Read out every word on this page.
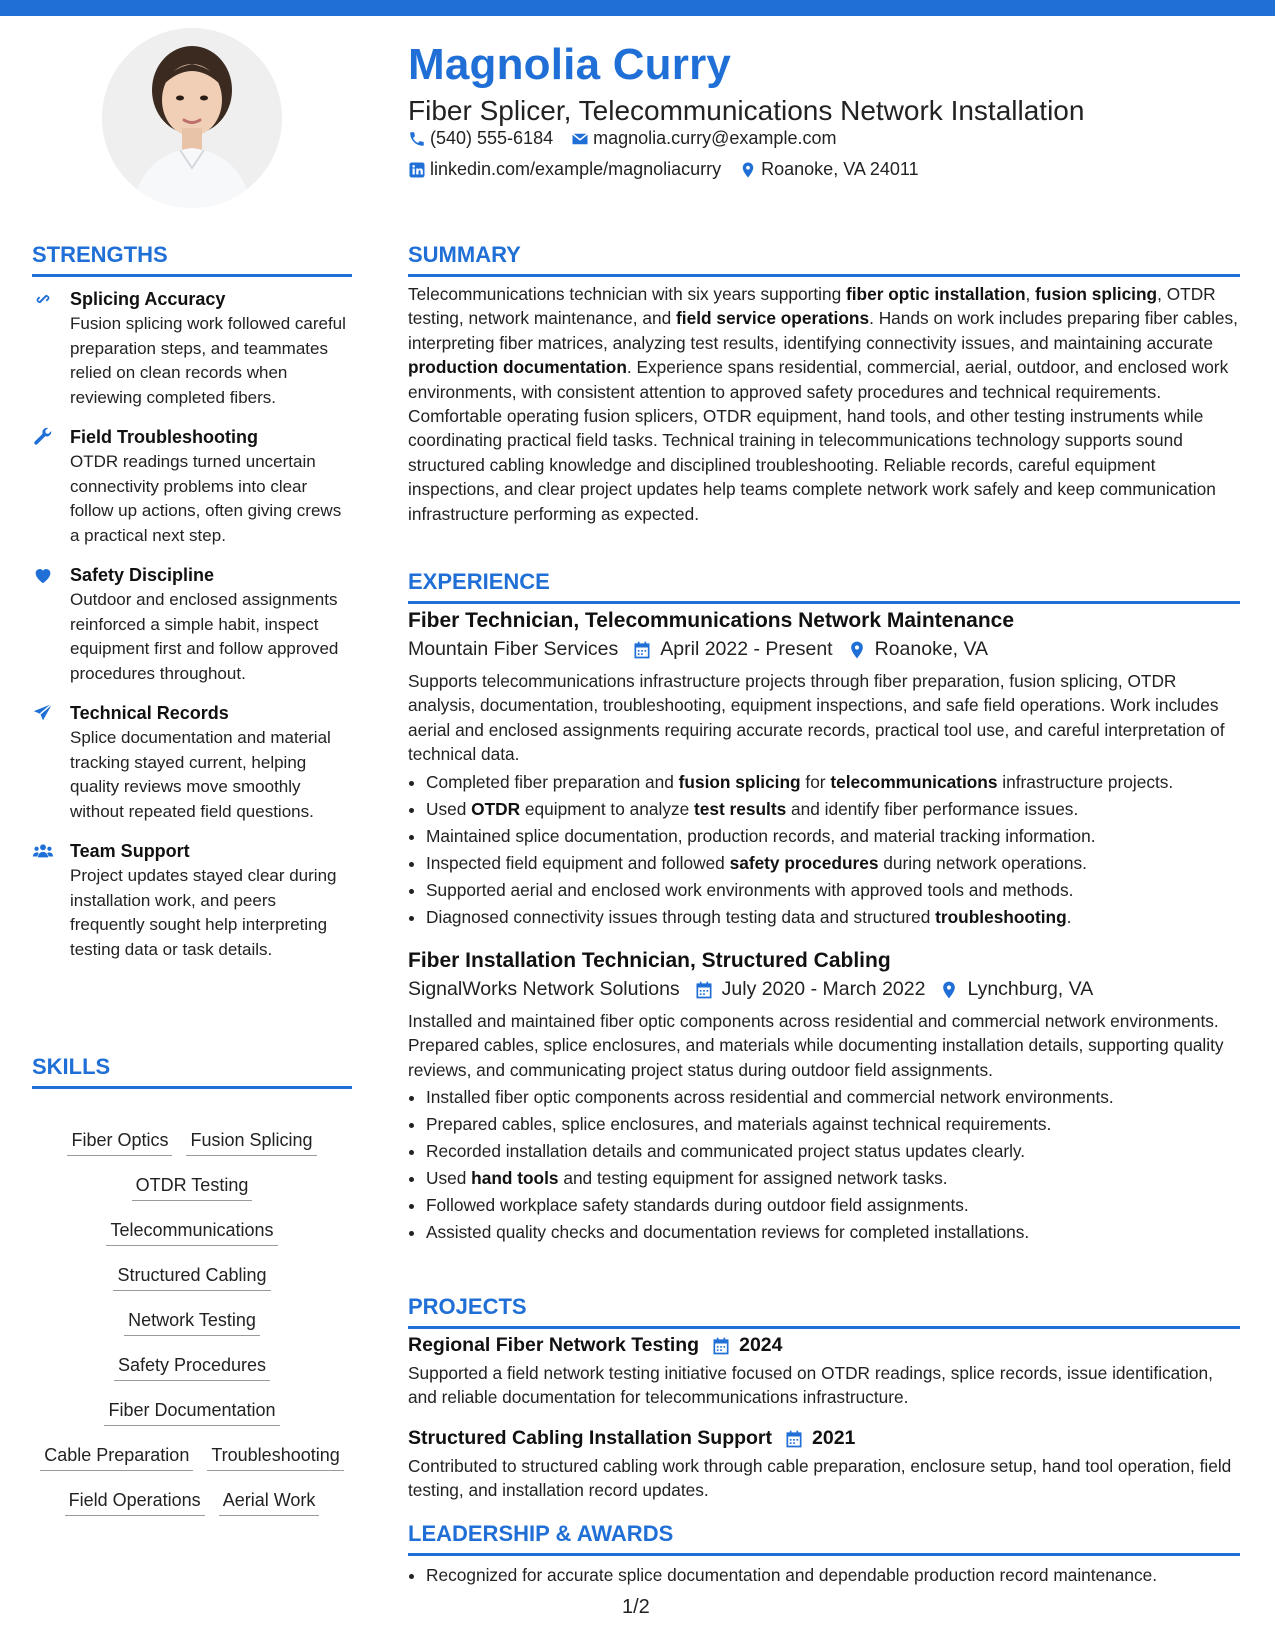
Magnolia Curry
Fiber Splicer, Telecommunications Network Installation
(540) 555-6184 magnolia.curry@example.com
linkedin.com/example/magnoliacurry Roanoke, VA 24011
STRENGTHS
Splicing Accuracy
Fusion splicing work followed careful preparation steps, and teammates relied on clean records when reviewing completed fibers.
Field Troubleshooting
OTDR readings turned uncertain connectivity problems into clear follow up actions, often giving crews a practical next step.
Safety Discipline
Outdoor and enclosed assignments reinforced a simple habit, inspect equipment first and follow approved procedures throughout.
Technical Records
Splice documentation and material tracking stayed current, helping quality reviews move smoothly without repeated field questions.
Team Support
Project updates stayed clear during installation work, and peers frequently sought help interpreting testing data or task details.
SKILLS
Fiber Optics Fusion Splicing
OTDR Testing
Telecommunications
Structured Cabling
Network Testing
Safety Procedures
Fiber Documentation
Cable Preparation Troubleshooting
Field Operations Aerial Work
SUMMARY

Telecommunications technician with six years supporting fiber optic installation, fusion splicing, OTDR testing, network maintenance, and field service operations. Hands on work includes preparing fiber cables, interpreting fiber matrices, analyzing test results, identifying connectivity issues, and maintaining accurate production documentation. Experience spans residential, commercial, aerial, outdoor, and enclosed work environments, with consistent attention to approved safety procedures and technical requirements. Comfortable operating fusion splicers, OTDR equipment, hand tools, and other testing instruments while coordinating practical field tasks. Technical training in telecommunications technology supports sound structured cabling knowledge and disciplined troubleshooting. Reliable records, careful equipment inspections, and clear project updates help teams complete network work safely and keep communication infrastructure performing as expected.

EXPERIENCE
Fiber Technician, Telecommunications Network Maintenance
Mountain Fiber Services April 2022 - Present Roanoke, VA

Supports telecommunications infrastructure projects through fiber preparation, fusion splicing, OTDR analysis, documentation, troubleshooting, equipment inspections, and safe field operations. Work includes aerial and enclosed assignments requiring accurate records, practical tool use, and careful interpretation of technical data.

• Completed fiber preparation and fusion splicing for telecommunications infrastructure projects.
• Used OTDR equipment to analyze test results and identify fiber performance issues.
• Maintained splice documentation, production records, and material tracking information.
• Inspected field equipment and followed safety procedures during network operations.
• Supported aerial and enclosed work environments with approved tools and methods.
• Diagnosed connectivity issues through testing data and structured troubleshooting.
Fiber Installation Technician, Structured Cabling
SignalWorks Network Solutions July 2020 - March 2022 Lynchburg, VA

Installed and maintained fiber optic components across residential and commercial network environments. Prepared cables, splice enclosures, and materials while documenting installation details, supporting quality reviews, and communicating project status during outdoor field assignments.

• Installed fiber optic components across residential and commercial network environments.
• Prepared cables, splice enclosures, and materials against technical requirements.
• Recorded installation details and communicated project status updates clearly.
• Used hand tools and testing equipment for assigned network tasks.
• Followed workplace safety standards during outdoor field assignments.
• Assisted quality checks and documentation reviews for completed installations.
PROJECTS
Regional Fiber Network Testing 2024

Supported a field network testing initiative focused on OTDR readings, splice records, issue identification, and reliable documentation for telecommunications infrastructure.

Structured Cabling Installation Support 2021

Contributed to structured cabling work through cable preparation, enclosure setup, hand tool operation, field testing, and installation record updates.

LEADERSHIP & AWARDS
• Recognized for accurate splice documentation and dependable production record maintenance.
1/2
